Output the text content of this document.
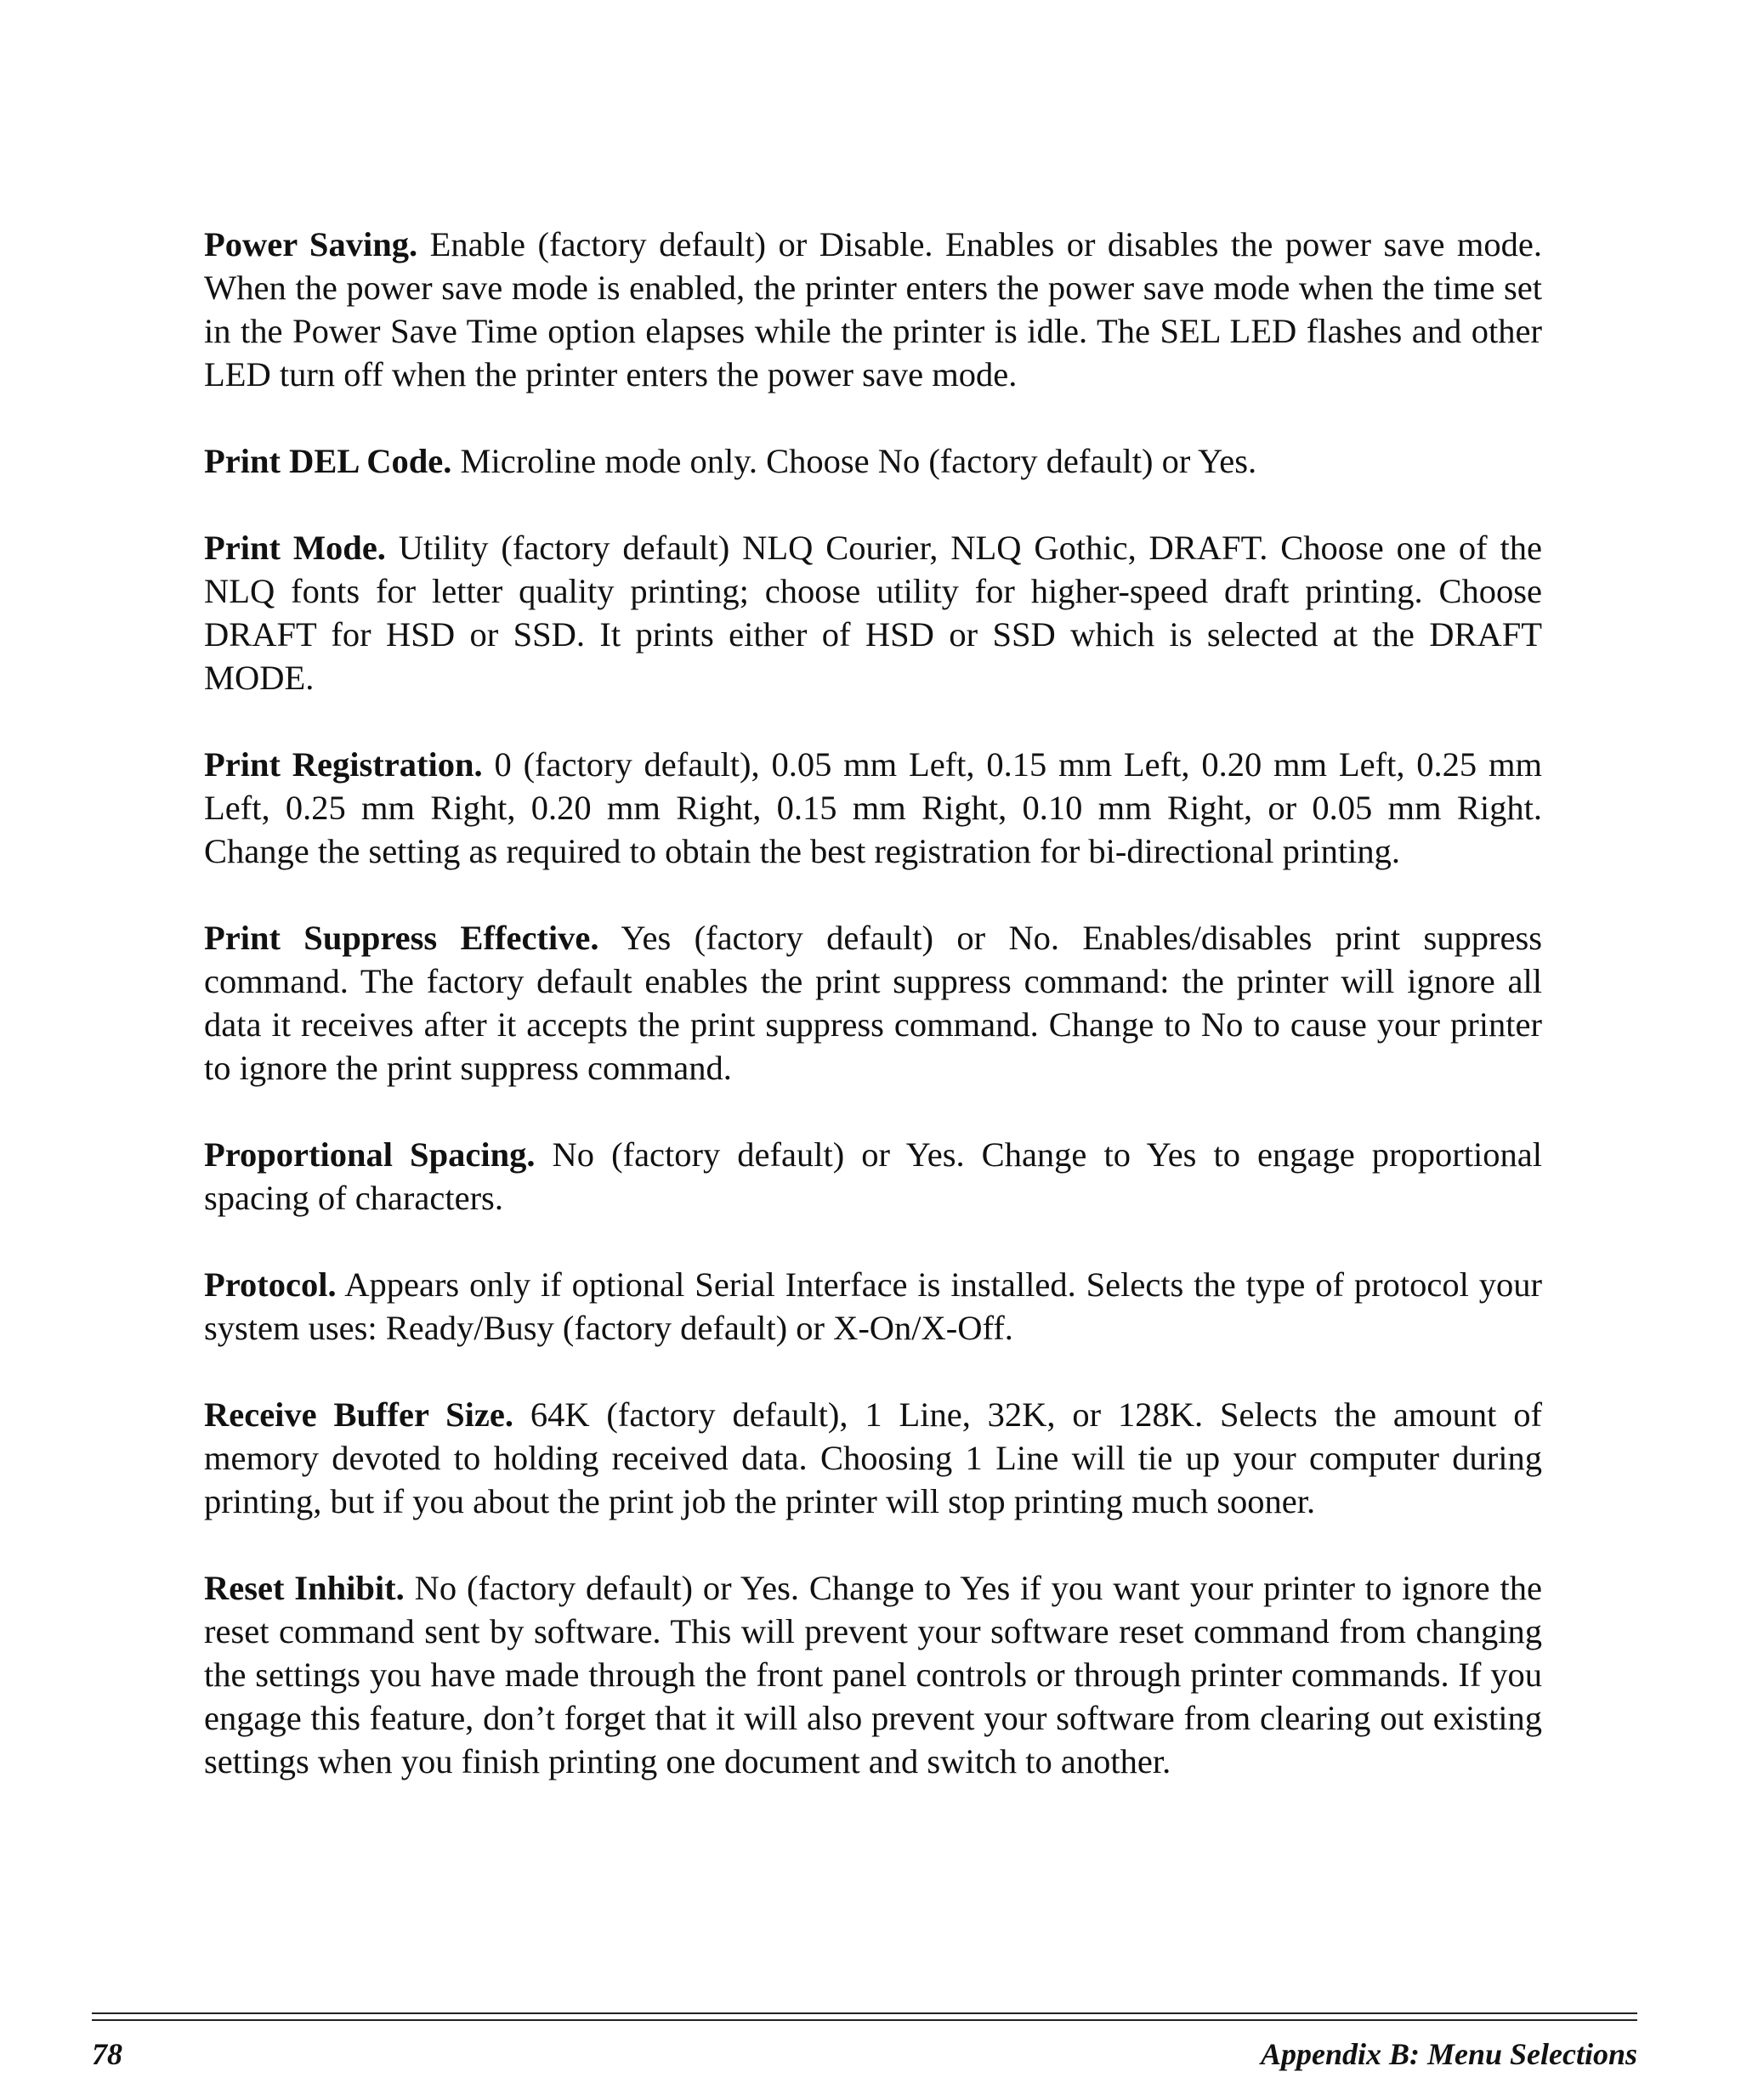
Power Saving. Enable (factory default) or Disable. Enables or disables the power save mode. When the power save mode is enabled, the printer enters the power save mode when the time set in the Power Save Time option elapses while the printer is idle. The SEL LED flashes and other LED turn off when the printer enters the power save mode.

Print DEL Code. Microline mode only. Choose No (factory default) or Yes.

Print Mode. Utility (factory default) NLQ Courier, NLQ Gothic, DRAFT. Choose one of the NLQ fonts for letter quality printing; choose utility for higher-speed draft printing. Choose DRAFT for HSD or SSD. It prints either of HSD or SSD which is selected at the DRAFT MODE.

Print Registration. 0 (factory default), 0.05 mm Left, 0.15 mm Left, 0.20 mm Left, 0.25 mm Left, 0.25 mm Right, 0.20 mm Right, 0.15 mm Right, 0.10 mm Right, or 0.05 mm Right. Change the setting as required to obtain the best registration for bi-directional printing.

Print Suppress Effective. Yes (factory default) or No. Enables/disables print suppress command. The factory default enables the print suppress command: the printer will ignore all data it receives after it accepts the print suppress command. Change to No to cause your printer to ignore the print suppress command.

Proportional Spacing. No (factory default) or Yes. Change to Yes to engage proportional spacing of characters.

Protocol. Appears only if optional Serial Interface is installed. Selects the type of protocol your system uses: Ready/Busy (factory default) or X-On/X-Off.

Receive Buffer Size. 64K (factory default), 1 Line, 32K, or 128K. Selects the amount of memory devoted to holding received data. Choosing 1 Line will tie up your computer during printing, but if you about the print job the printer will stop printing much sooner.

Reset Inhibit. No (factory default) or Yes. Change to Yes if you want your printer to ignore the reset command sent by software. This will prevent your software reset command from changing the settings you have made through the front panel controls or through printer commands. If you engage this feature, don’t forget that it will also prevent your software from clearing out existing settings when you finish printing one document and switch to another.

78	Appendix B: Menu Selections
